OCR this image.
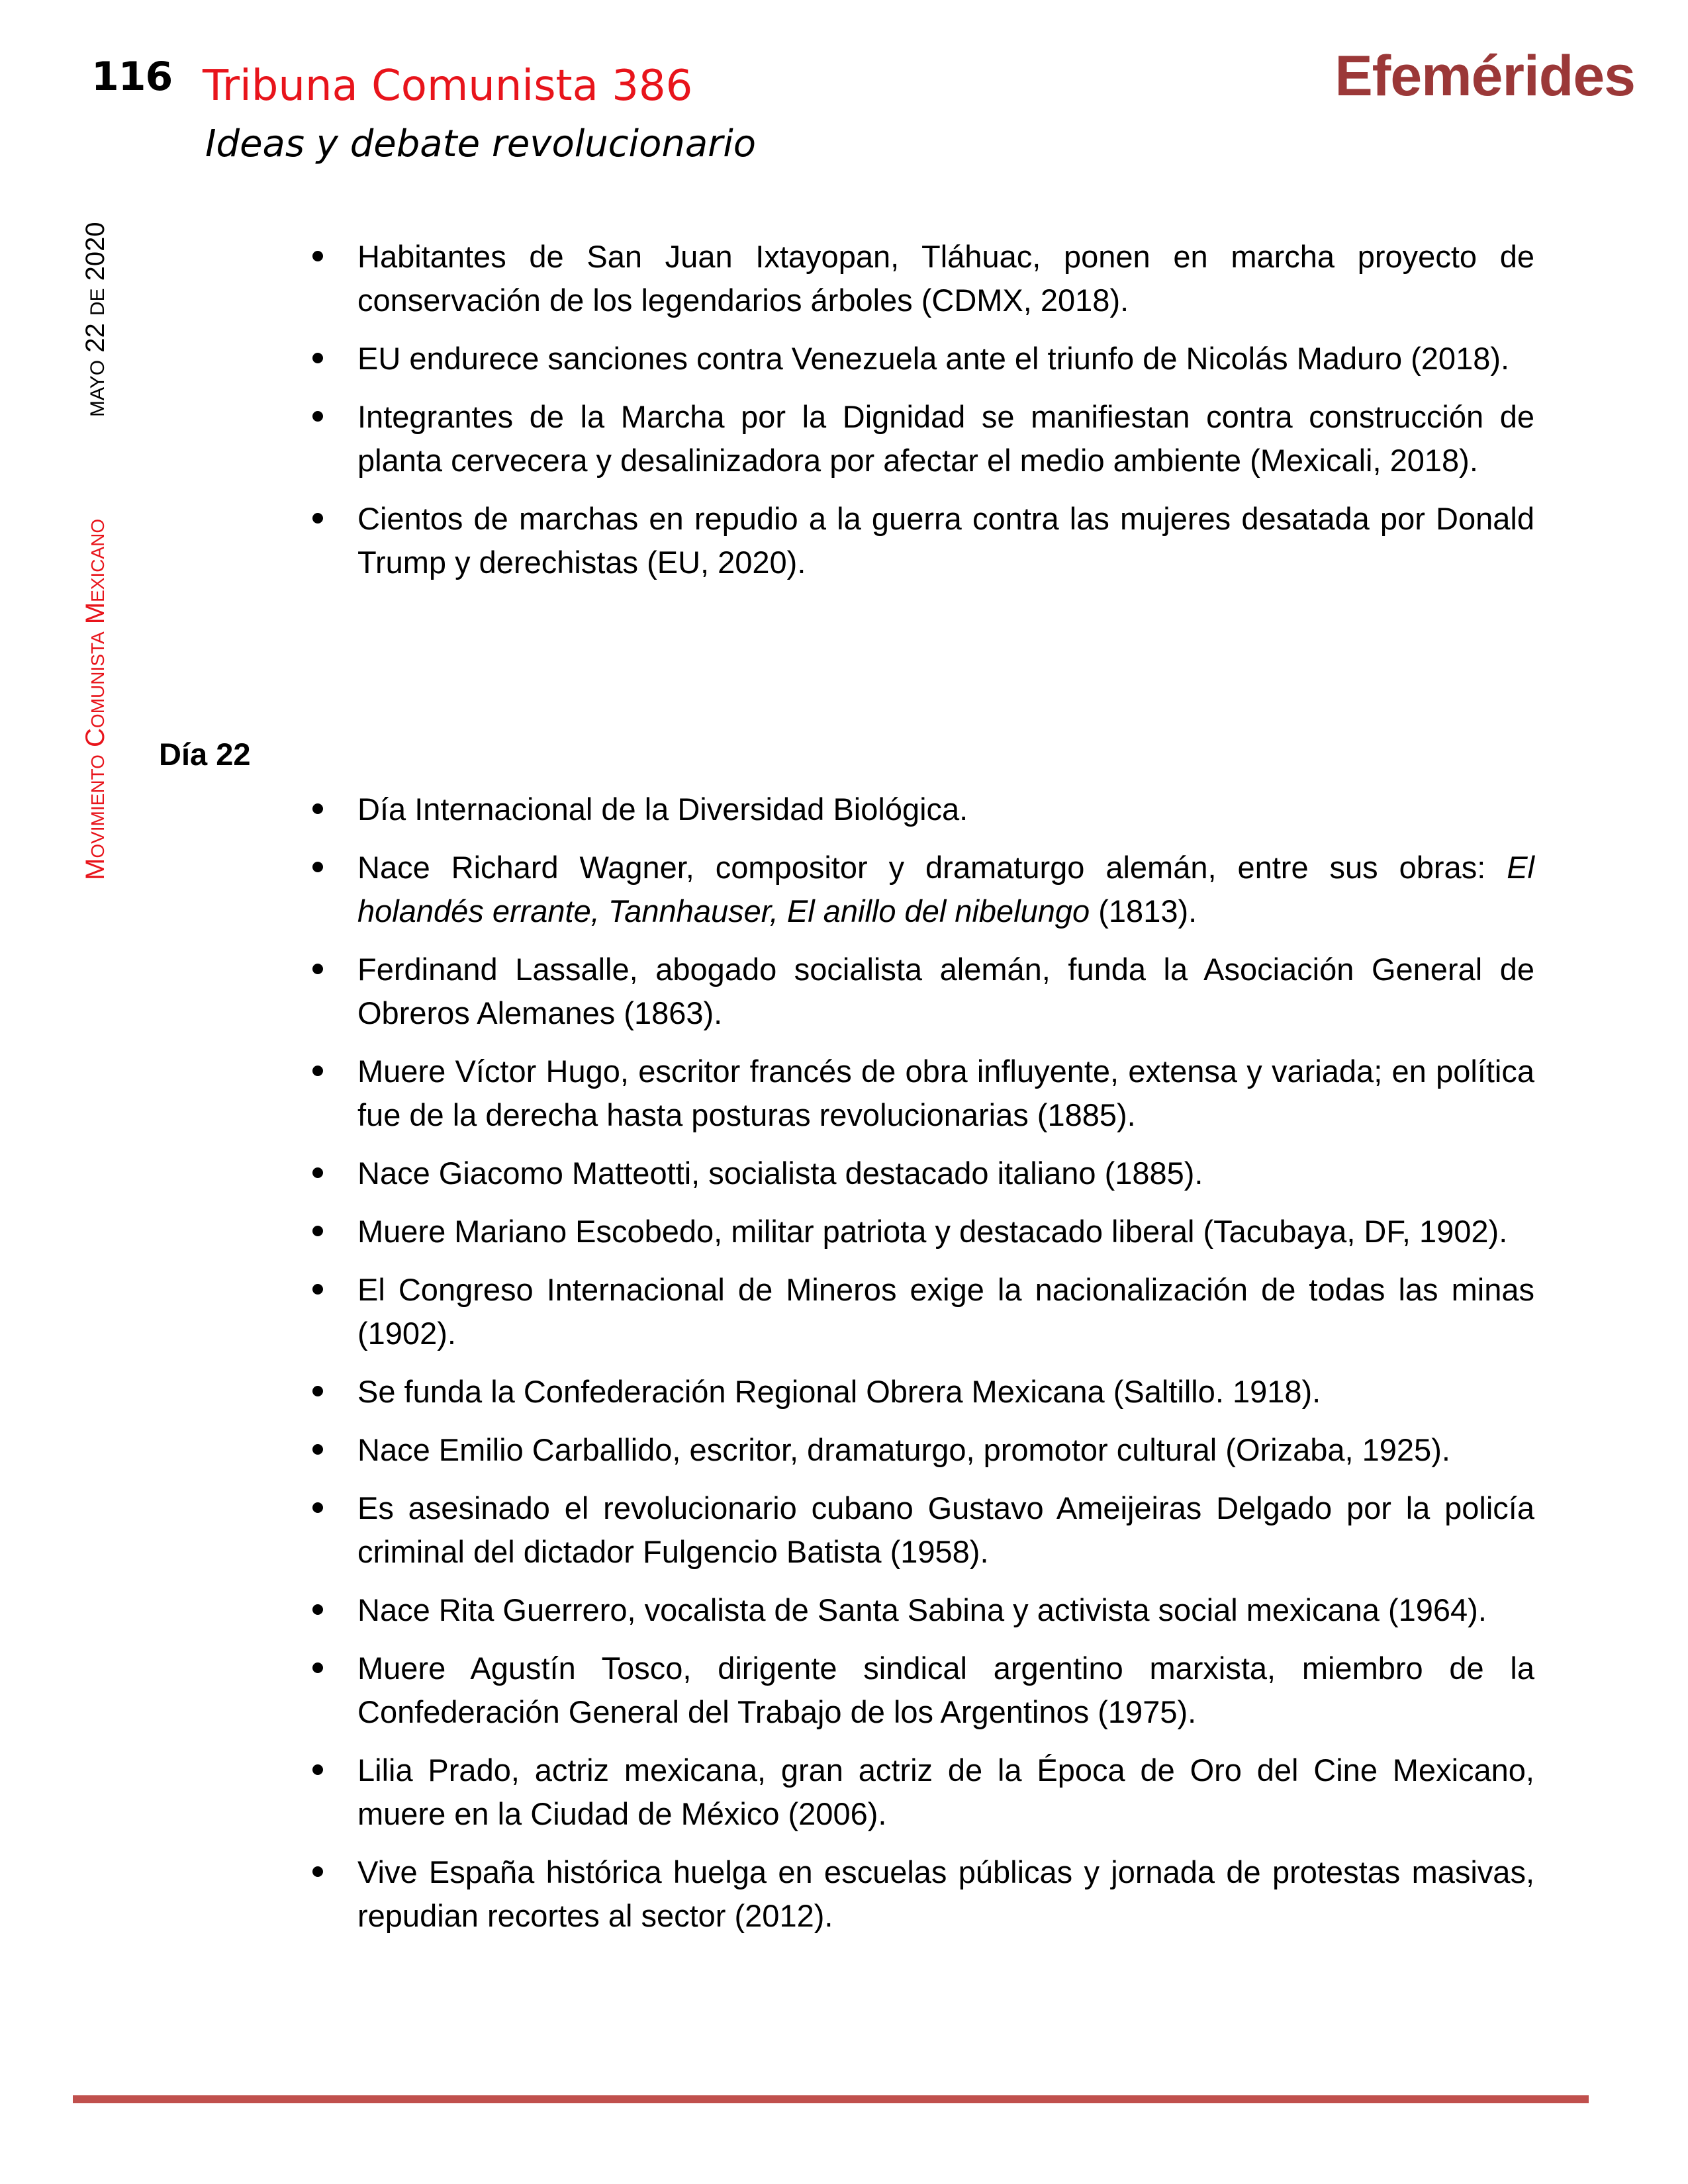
116 Tribuna Comunista 386
Ideas y debate revolucionario
Efemérides
Movimiento Comunista Mexicano
MAYO 22 DE 2020	Habitantes de San Juan Ixtayopan, Tláhuac, ponen en marcha proyecto de conservación de los legendarios árboles (CDMX, 2018).
EU endurece sanciones contra Venezuela ante el triunfo de Nicolás Maduro (2018).
Integrantes de la Marcha por la Dignidad se manifiestan contra construcción de planta cervecera y desalinizadora por afectar el medio ambiente (Mexicali, 2018).
Cientos de marchas en repudio a la guerra contra las mujeres desatada por Donald Trump y derechistas (EU, 2020).
Día 22
Día Internacional de la Diversidad Biológica.
Nace Richard Wagner, compositor y dramaturgo alemán, entre sus obras: El holandés errante, Tannhauser, El anillo del nibelungo (1813).
Ferdinand Lassalle, abogado socialista alemán, funda la Asociación General de Obreros Alemanes (1863).
Muere Víctor Hugo, escritor francés de obra influyente, extensa y variada; en política fue de la derecha hasta posturas revolucionarias (1885).
Nace Giacomo Matteotti, socialista destacado italiano (1885).
Muere Mariano Escobedo, militar patriota y destacado liberal (Tacubaya, DF, 1902).
El Congreso Internacional de Mineros exige la nacionalización de todas las minas (1902).
Se funda la Confederación Regional Obrera Mexicana (Saltillo. 1918).
Nace Emilio Carballido, escritor, dramaturgo, promotor cultural (Orizaba, 1925).
Es asesinado el revolucionario cubano Gustavo Ameijeiras Delgado por la policía criminal del dictador Fulgencio Batista (1958).
Nace Rita Guerrero, vocalista de Santa Sabina y activista social mexicana (1964).
Muere Agustín Tosco, dirigente sindical argentino marxista, miembro de la Confederación General del Trabajo de los Argentinos (1975).
Lilia Prado, actriz mexicana, gran actriz de la Época de Oro del Cine Mexicano, muere en la Ciudad de México (2006).
Vive España histórica huelga en escuelas públicas y jornada de protestas masivas, repudian recortes al sector (2012).
